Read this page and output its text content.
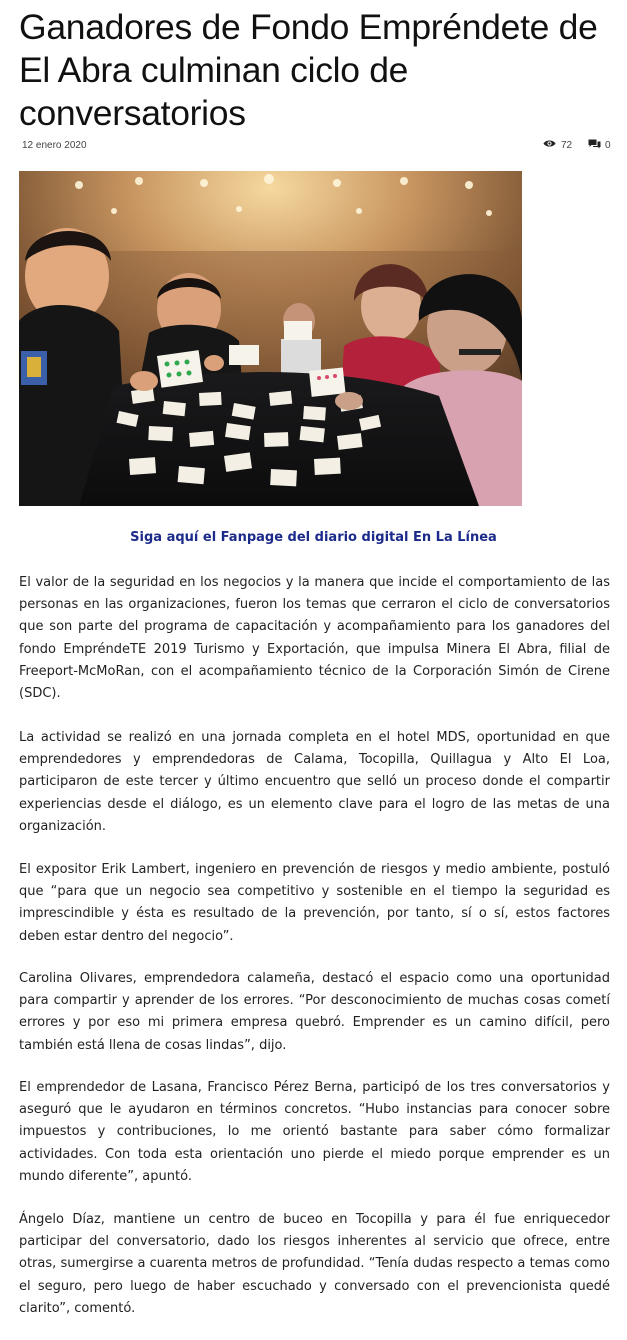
Ganadores de Fondo Empréndete de El Abra culminan ciclo de conversatorios
12 enero 2020	72	0
Siga aquí el Fanpage del diario digital En La Línea

El valor de la seguridad en los negocios y la manera que incide el comportamiento de las personas en las organizaciones, fueron los temas que cerraron el ciclo de conversatorios que son parte del programa de capacitación y acompañamiento para los ganadores del fondo EmpréndeTE 2019 Turismo y Exportación, que impulsa Minera El Abra, filial de Freeport-McMoRan, con el acompañamiento técnico de la Corporación Simón de Cirene (SDC).

La actividad se realizó en una jornada completa en el hotel MDS, oportunidad en que emprendedores y emprendedoras de Calama, Tocopilla, Quillagua y Alto El Loa, participaron de este tercer y último encuentro que selló un proceso donde el compartir experiencias desde el diálogo, es un elemento clave para el logro de las metas de una organización.

El expositor Erik Lambert, ingeniero en prevención de riesgos y medio ambiente, postuló que “para que un negocio sea competitivo y sostenible en el tiempo la seguridad es imprescindible y ésta es resultado de la prevención, por tanto, sí o sí, estos factores deben estar dentro del negocio”.

Carolina Olivares, emprendedora calameña, destacó el espacio como una oportunidad para compartir y aprender de los errores. “Por desconocimiento de muchas cosas cometí errores y por eso mi primera empresa quebró. Emprender es un camino difícil, pero también está llena de cosas lindas”, dijo.

El emprendedor de Lasana, Francisco Pérez Berna, participó de los tres conversatorios y aseguró que le ayudaron en términos concretos. “Hubo instancias para conocer sobre impuestos y contribuciones, lo me orientó bastante para saber cómo formalizar actividades. Con toda esta orientación uno pierde el miedo porque emprender es un mundo diferente”, apuntó.

Ángelo Díaz, mantiene un centro de buceo en Tocopilla y para él fue enriquecedor participar del conversatorio, dado los riesgos inherentes al servicio que ofrece, entre otras, sumergirse a cuarenta metros de profundidad. “Tenía dudas respecto a temas como el seguro, pero luego de haber escuchado y conversado con el prevencionista quedé clarito”, comentó.
